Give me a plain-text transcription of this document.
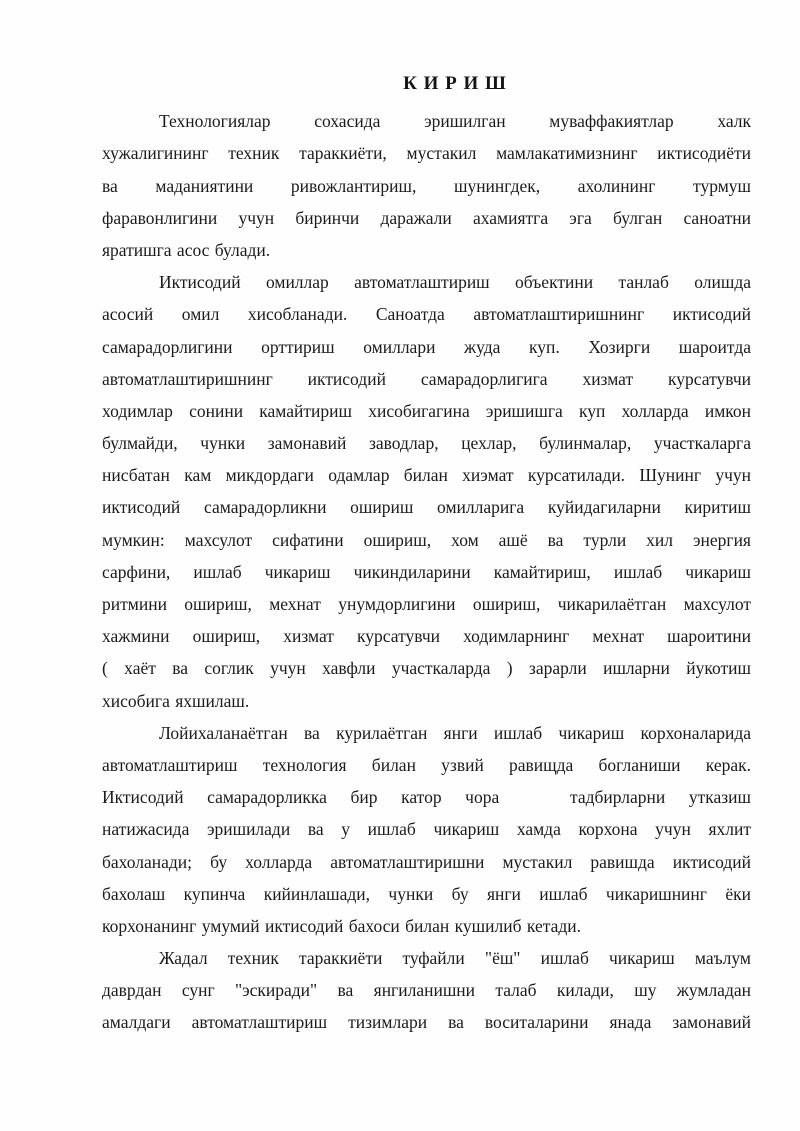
К И Р И Ш
Технологиялар сохасида эришилган муваффакиятлар халк
хужалигининг техник тараккиёти, мустакил мамлакатимизнинг иктисодиёти
ва маданиятини ривожлантириш, шунингдек, ахолининг турмуш
фаравонлигини учун биринчи даражали ахамиятга эга булган саноатни
яратишга асос булади.
Иктисодий омиллар автоматлаштириш объектини танлаб олишда
асосий омил хисобланади. Саноатда автоматлаштиришнинг иктисодий
самарадорлигини орттириш омиллари жуда куп. Хозирги шароитда
автоматлаштиришнинг иктисодий самарадорлигига хизмат курсатувчи
ходимлар сонини камайтириш хисобигагина эришишга куп холларда имкон
булмайди, чунки замонавий заводлар, цехлар, булинмалар, участкаларга
нисбатан кам микдордаги одамлар билан хиэмат курсатилади. Шунинг учун
иктисодий самарадорликни ошириш омилларига куйидагиларни киритиш
мумкин: махсулот сифатини ошириш, хом ашё ва турли хил энергия
сарфини, ишлаб чикариш чикиндиларини камайтириш, ишлаб чикариш
ритмини ошириш, мехнат унумдорлигини ошириш, чикарилаётган махсулот
хажмини ошириш, хизмат курсатувчи ходимларнинг мехнат шароитини
( хаёт ва соглик учун хавфли участкаларда ) зарарли ишларни йукотиш
хисобига яхшилаш.
Лойихаланаётган ва курилаётган янги ишлаб чикариш корхоналарида
автоматлаштириш технология билан узвий равищда богланиши керак.
Иктисодий самарадорликка бир катор чора   тадбирларни утказиш
натижасида эришилади ва у ишлаб чикариш хамда корхона учун яхлит
бахоланади; бу холларда автоматлаштиришни мустакил равишда иктисодий
бахолаш купинча кийинлашади, чунки бу янги ишлаб чикаришнинг ёки
корхонанинг умумий иктисодий бахоси билан кушилиб кетади.
Жадал техник тараккиёти туфайли "ёш" ишлаб чикариш маълум
даврдан сунг "эскиради" ва янгиланишни талаб килади, шу жумладан
амалдаги автоматлаштириш тизимлари ва воситаларини янада замонавий
